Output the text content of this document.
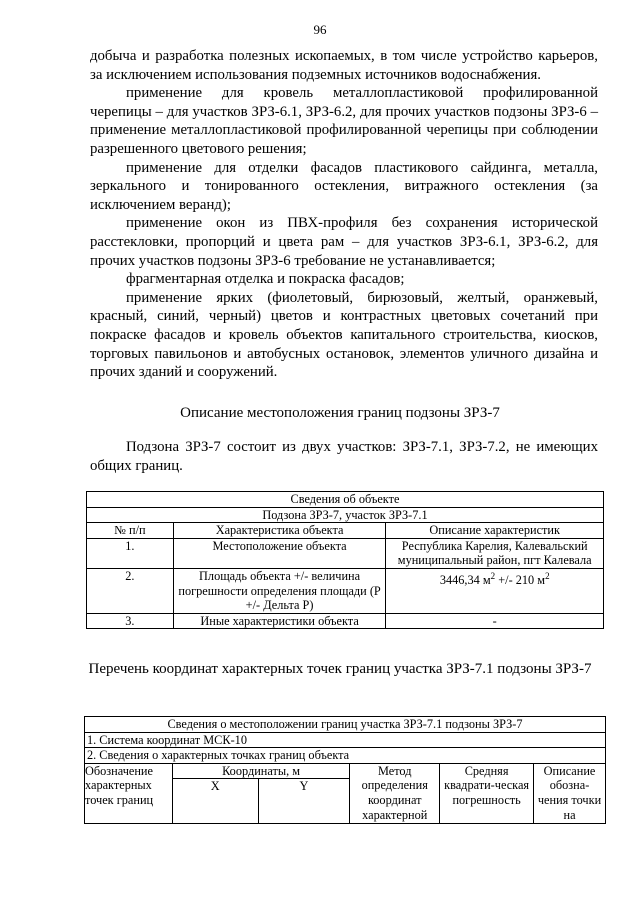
96

добыча и разработка полезных ископаемых, в том числе устройство карьеров, за исключением использования подземных источников водоснабжения.

применение для кровель металлопластиковой профилированной черепицы – для участков ЗРЗ-6.1, ЗРЗ-6.2, для прочих участков подзоны ЗРЗ-6 – применение металлопластиковой профилированной черепицы при соблюдении разрешенного цветового решения;

применение для отделки фасадов пластикового сайдинга, металла, зеркального и тонированного остекления, витражного остекления (за исключением веранд);

применение окон из ПВХ-профиля без сохранения исторической расстекловки, пропорций и цвета рам – для участков ЗРЗ-6.1, ЗРЗ-6.2, для прочих участков подзоны ЗРЗ-6 требование не устанавливается;

фрагментарная отделка и покраска фасадов;

применение ярких (фиолетовый, бирюзовый, желтый, оранжевый, красный, синий, черный) цветов и контрастных цветовых сочетаний при покраске фасадов и кровель объектов капитального строительства, киосков, торговых павильонов и автобусных остановок, элементов уличного дизайна и прочих зданий и сооружений.

Описание местоположения границ подзоны ЗРЗ-7

Подзона ЗРЗ-7 состоит из двух участков: ЗРЗ-7.1, ЗРЗ-7.2, не имеющих общих границ.

Сведения об объекте		
Подзона ЗРЗ-7, участок ЗРЗ-7.1		
№ п/п	Характеристика объекта	Описание характеристик
1.	Местоположение объекта	Республика Карелия, Калевальский муниципальный район, пгт Калевала
2.	Площадь объекта +/- величина погрешности определения площади (Р +/- Дельта Р)	3446,34 $м^2$ +/- 210 $м^2$
3.	Иные характеристики объекта	-
Перечень координат характерных точек границ участка ЗРЗ-7.1 подзоны ЗРЗ-7
Сведения о местоположении границ участка ЗРЗ-7.1 подзоны ЗРЗ-7					
1. Система координат МСК-10					
2. Сведения о характерных точках границ объекта					
Обозначение характерных точек границ	Координаты, м		Метод определения координат характерной	Средняя квадрати-ческая погрешность	Описание обозна-чения точки на
	X	Y			
